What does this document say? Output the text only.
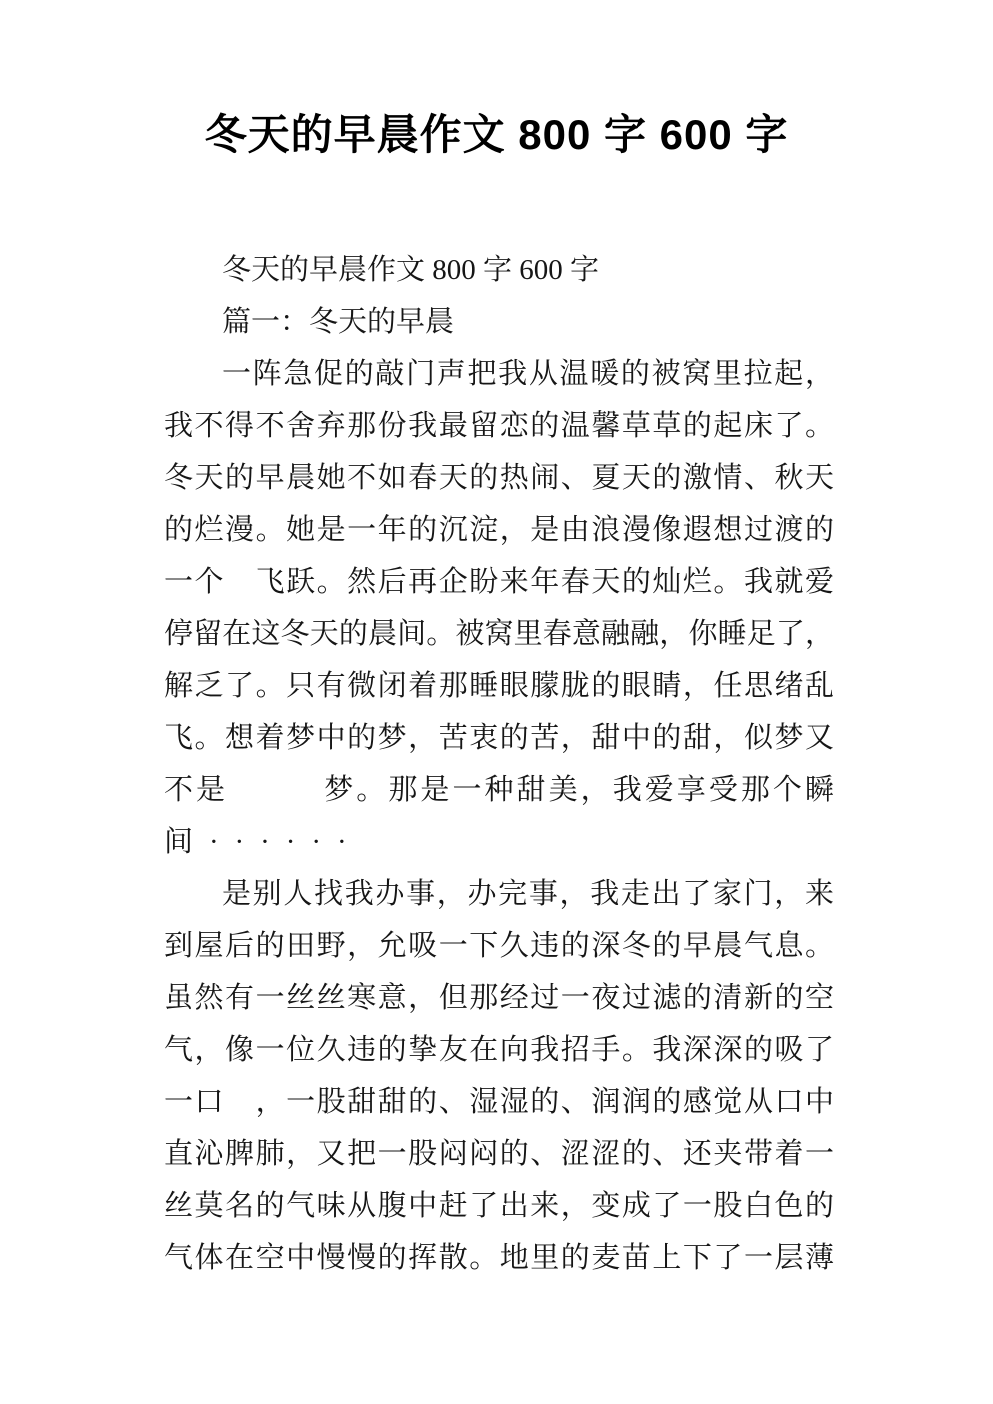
冬天的早晨作文 800 字 600 字
冬天的早晨作文 800 字 600 字
篇一：冬天的早晨
一阵急促的敲门声把我从温暖的被窝里拉起，
我不得不舍弃那份我最留恋的温馨草草的起床了。
冬天的早晨她不如春天的热闹、夏天的激情、秋天
的烂漫。她是一年的沉淀，是由浪漫像遐想过渡的
一个　飞跃。然后再企盼来年春天的灿烂。我就爱
停留在这冬天的晨间。被窝里春意融融，你睡足了，
解乏了。只有微闭着那睡眼朦胧的眼睛，任思绪乱
飞。想着梦中的梦，苦衷的苦，甜中的甜，似梦又
不是　　　梦。那是一种甜美，我爱享受那个瞬
间······
是别人找我办事，办完事，我走出了家门，来
到屋后的田野，允吸一下久违的深冬的早晨气息。
虽然有一丝丝寒意，但那经过一夜过滤的清新的空
气，像一位久违的挚友在向我招手。我深深的吸了
一口　，一股甜甜的、湿湿的、润润的感觉从口中
直沁脾肺，又把一股闷闷的、涩涩的、还夹带着一
丝莫名的气味从腹中赶了出来，变成了一股白色的
气体在空中慢慢的挥散。地里的麦苗上下了一层薄
